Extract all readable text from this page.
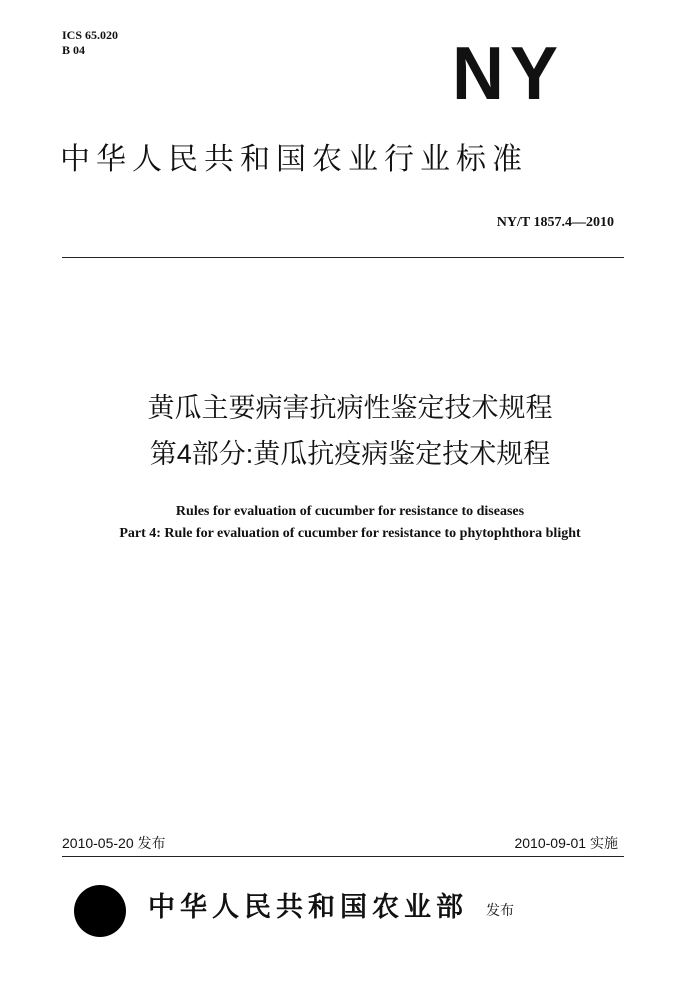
ICS 65.020
B 04	NY
中华人民共和国农业行业标准
NY/T 1857.4—2010
黄瓜主要病害抗病性鉴定技术规程
第4部分:黄瓜抗疫病鉴定技术规程
Rules for evaluation of cucumber for resistance to diseases
Part 4: Rule for evaluation of cucumber for resistance to phytophthora blight
2010-05-20 发布	2010-09-01 实施
中华人民共和国农业部 发布
